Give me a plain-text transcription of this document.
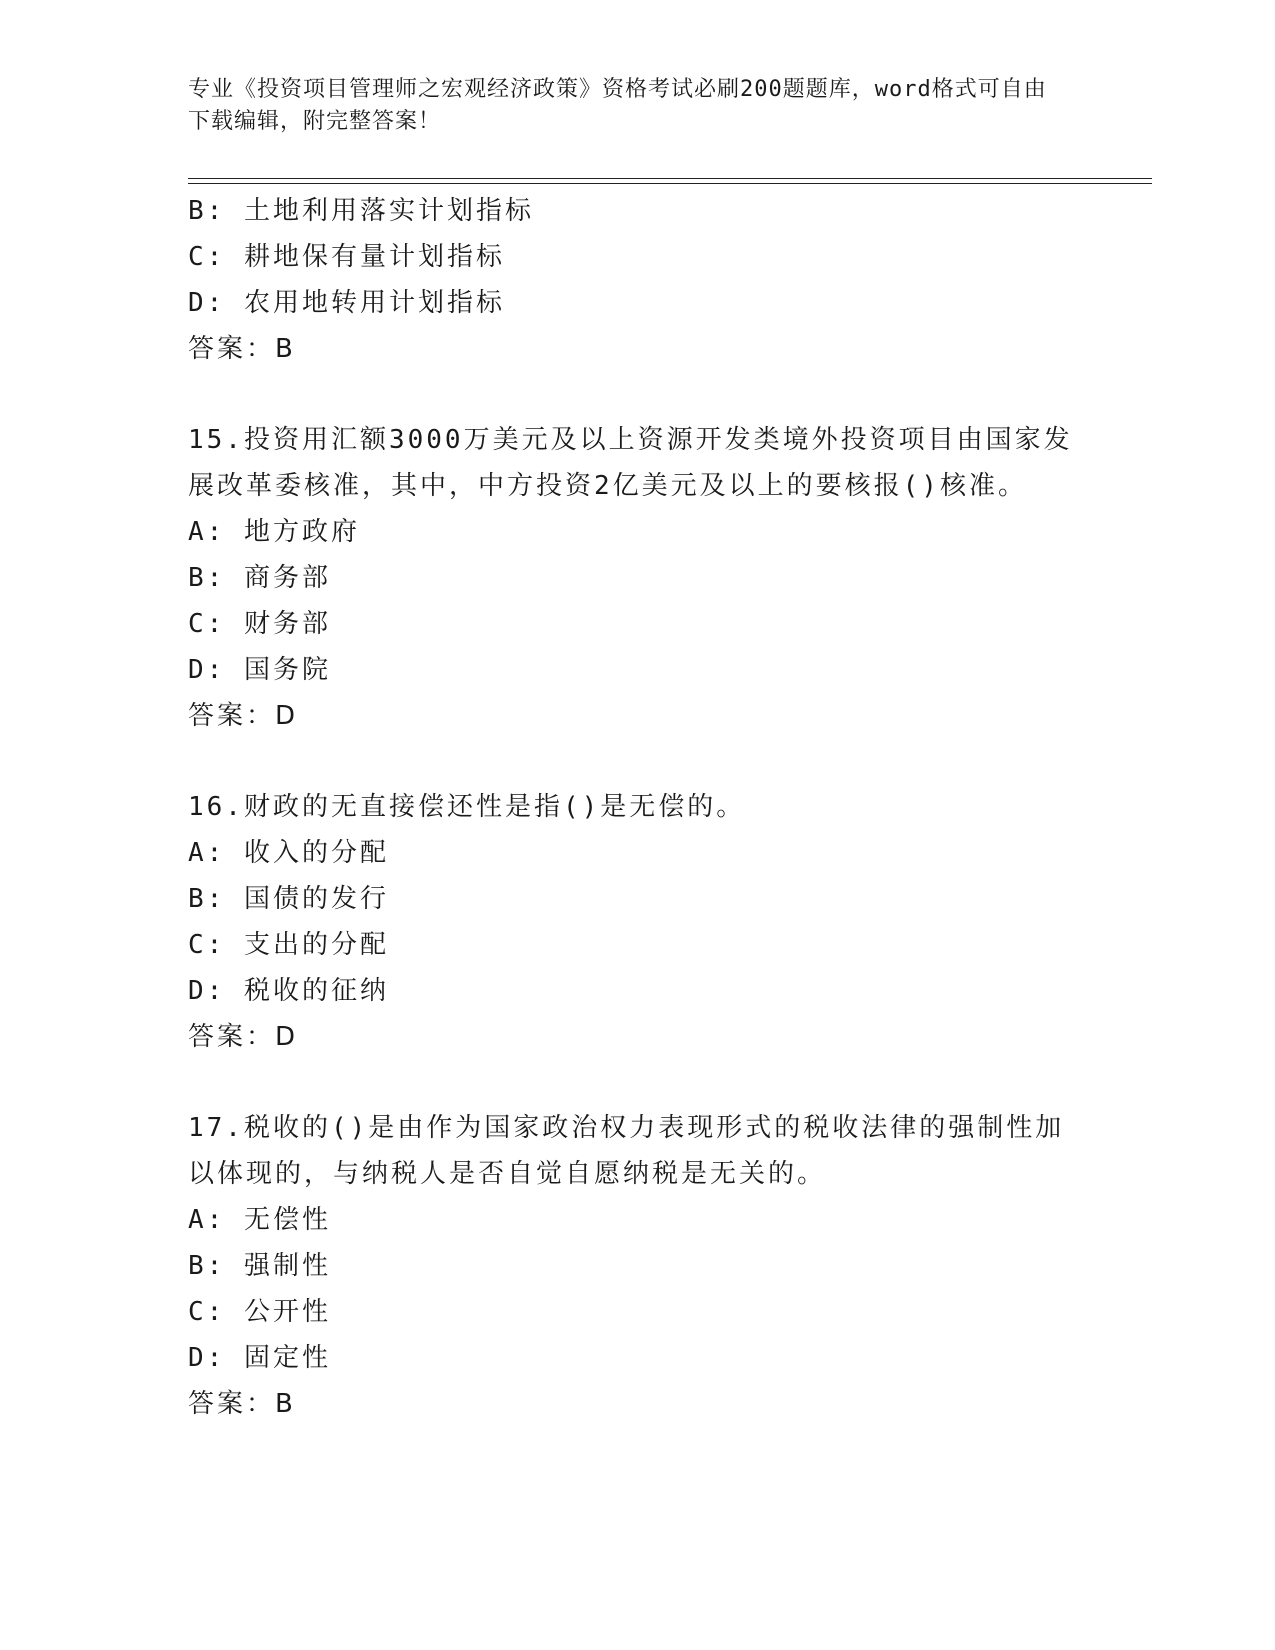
专业《投资项目管理师之宏观经济政策》资格考试必刷200题题库，word格式可自由下载编辑，附完整答案！
B: 土地利用落实计划指标
C: 耕地保有量计划指标
D: 农用地转用计划指标
答案：B
15.投资用汇额3000万美元及以上资源开发类境外投资项目由国家发展改革委核准，其中，中方投资2亿美元及以上的要核报()核准。
A: 地方政府
B: 商务部
C: 财务部
D: 国务院
答案：D
16.财政的无直接偿还性是指()是无偿的。
A: 收入的分配
B: 国债的发行
C: 支出的分配
D: 税收的征纳
答案：D
17.税收的()是由作为国家政治权力表现形式的税收法律的强制性加以体现的，与纳税人是否自觉自愿纳税是无关的。
A: 无偿性
B: 强制性
C: 公开性
D: 固定性
答案：B
